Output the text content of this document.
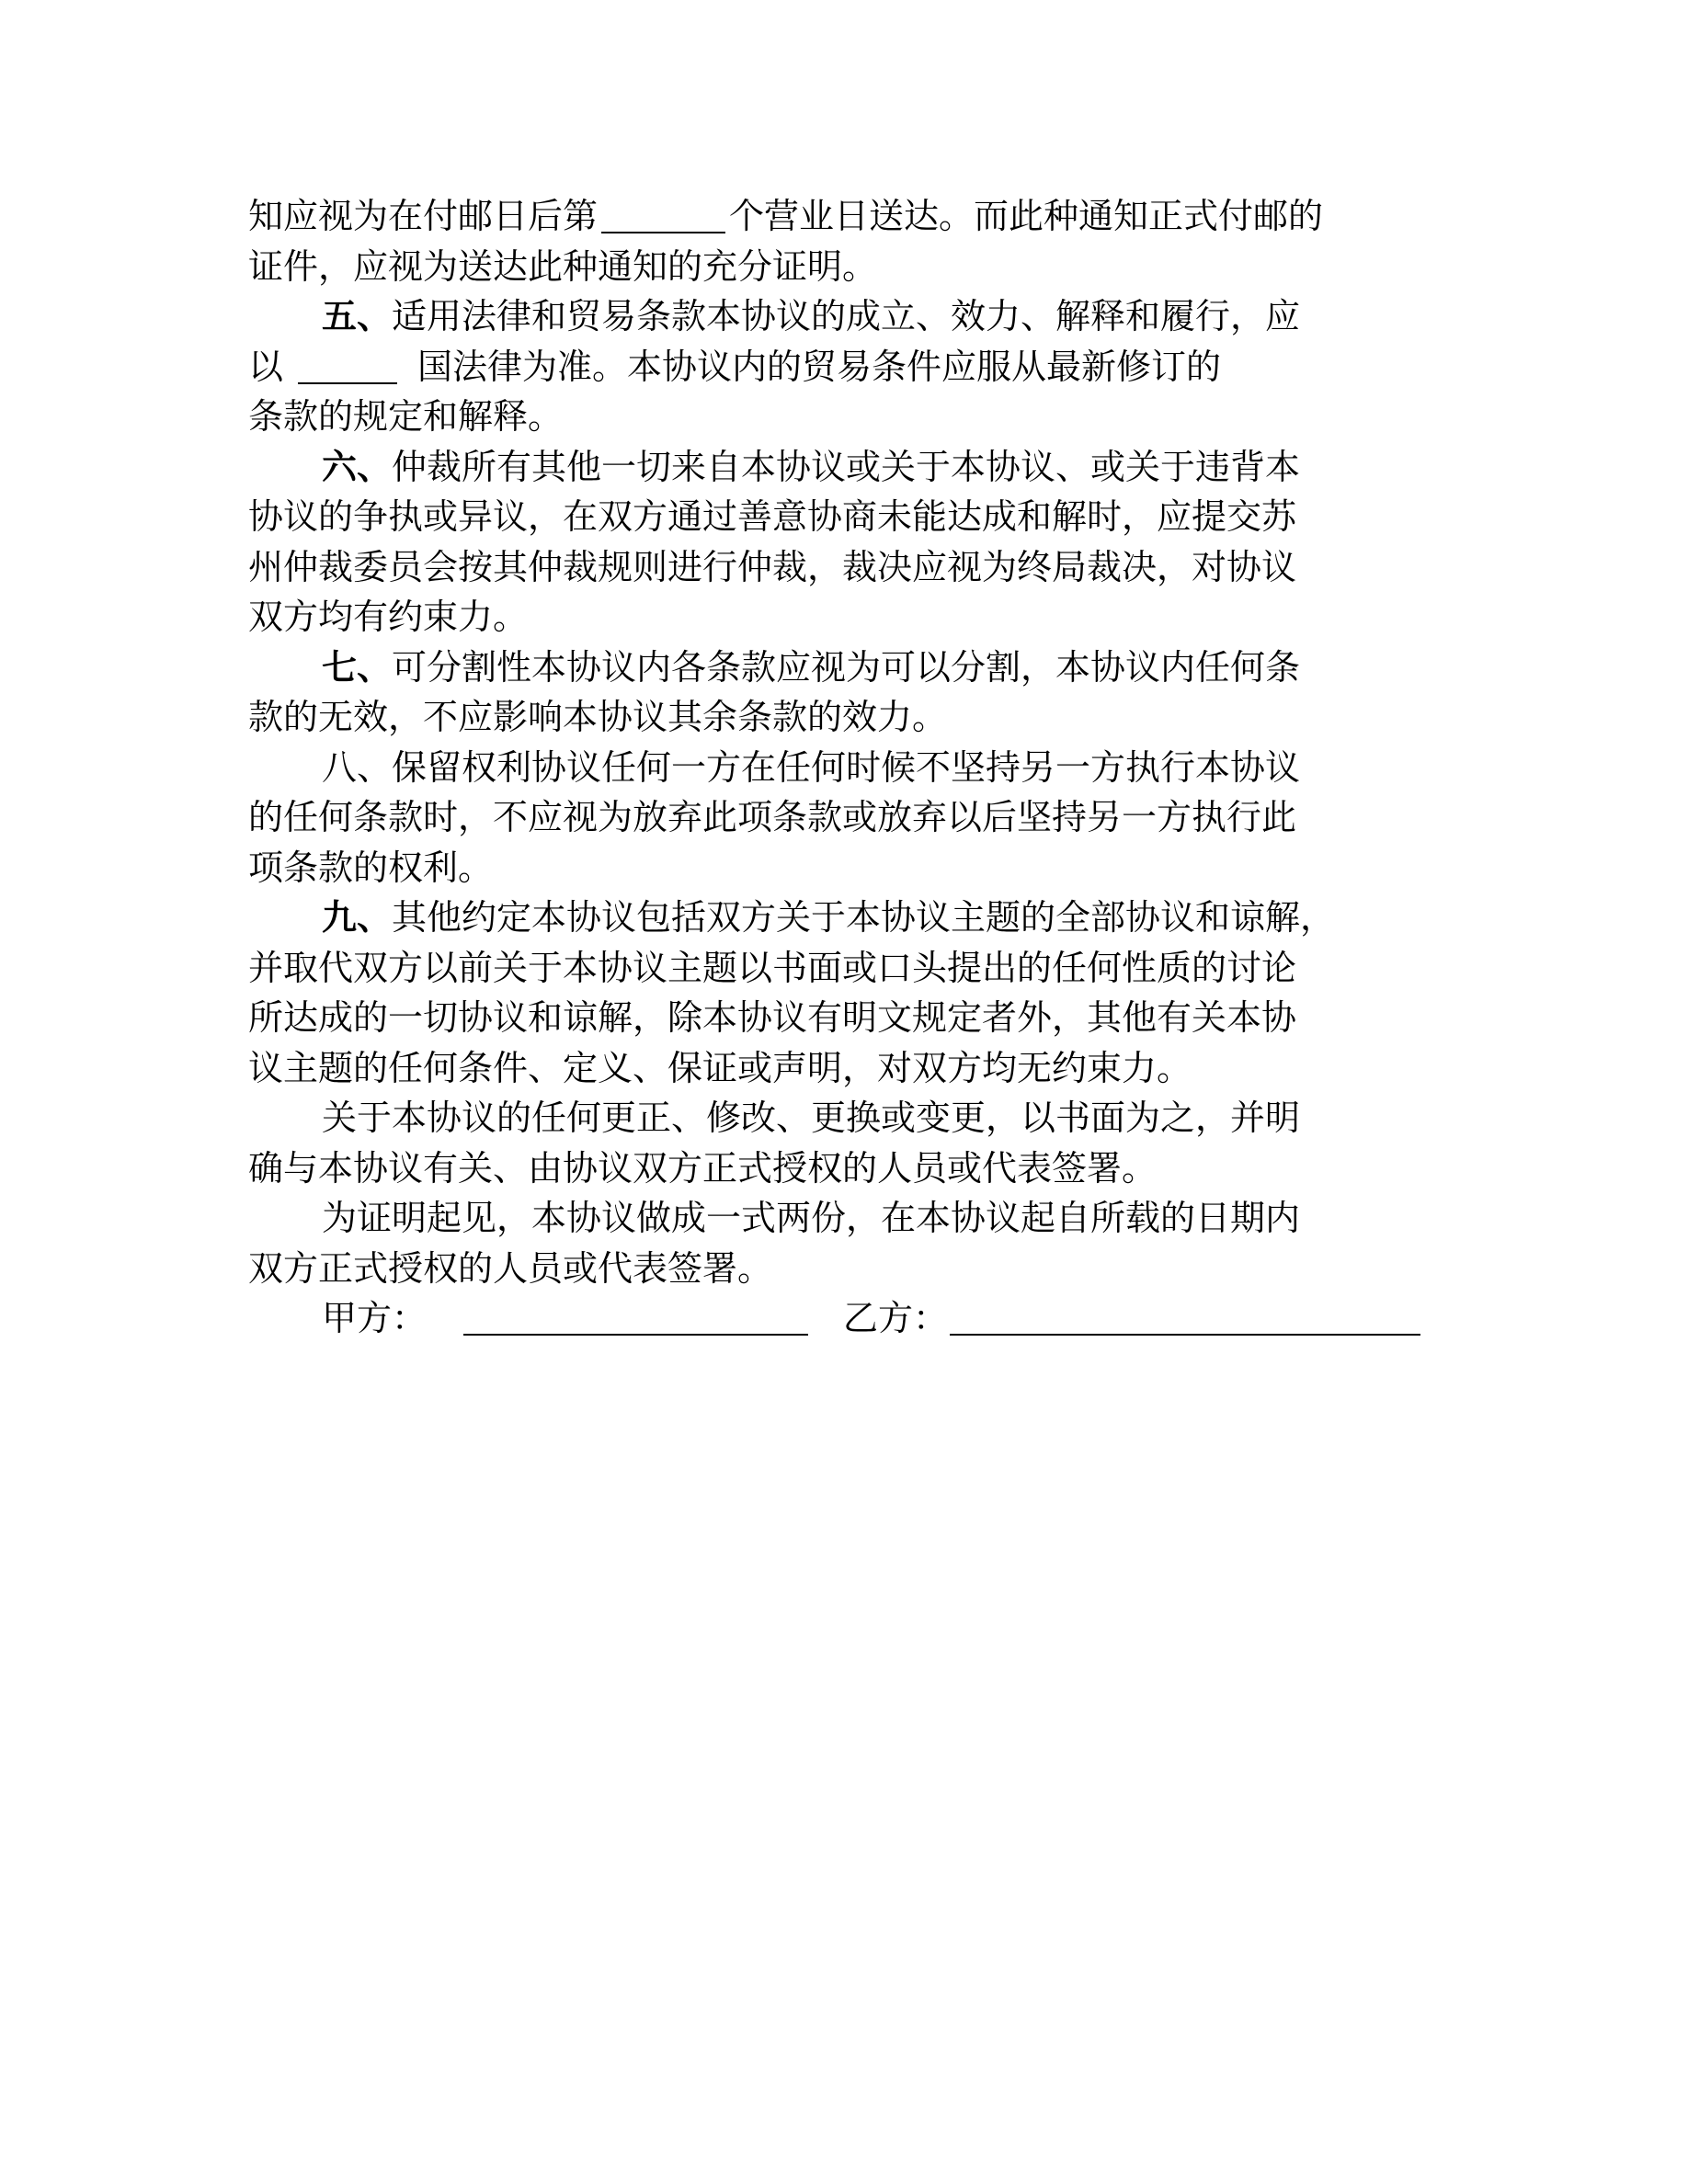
知应视为在付邮日后第	个营业日送达。而此种通知正式付邮的
证件，应视为送达此种通知的充分证明。
五、适用法律和贸易条款本协议的成立、效力、解释和履行，应
以	国法律为准。本协议内的贸易条件应服从最新修订的
条款的规定和解释。
六、仲裁所有其他一切来自本协议或关于本协议、或关于违背本
协议的争执或异议，在双方通过善意协商未能达成和解时，应提交苏
州仲裁委员会按其仲裁规则进行仲裁，裁决应视为终局裁决，对协议
双方均有约束力。
七、可分割性本协议内各条款应视为可以分割，本协议内任何条
款的无效，不应影响本协议其余条款的效力。
八、保留权利协议任何一方在任何时候不坚持另一方执行本协议
的任何条款时，不应视为放弃此项条款或放弃以后坚持另一方执行此
项条款的权利。
九、其他约定本协议包括双方关于本协议主题的全部协议和谅解，
并取代双方以前关于本协议主题以书面或口头提出的任何性质的讨论
所达成的一切协议和谅解，除本协议有明文规定者外，其他有关本协
议主题的任何条件、定义、保证或声明，对双方均无约束力。
关于本协议的任何更正、修改、更换或变更，以书面为之，并明
确与本协议有关、由协议双方正式授权的人员或代表签署。
为证明起见，本协议做成一式两份，在本协议起自所载的日期内
双方正式授权的人员或代表签署。
甲方：	乙方：
